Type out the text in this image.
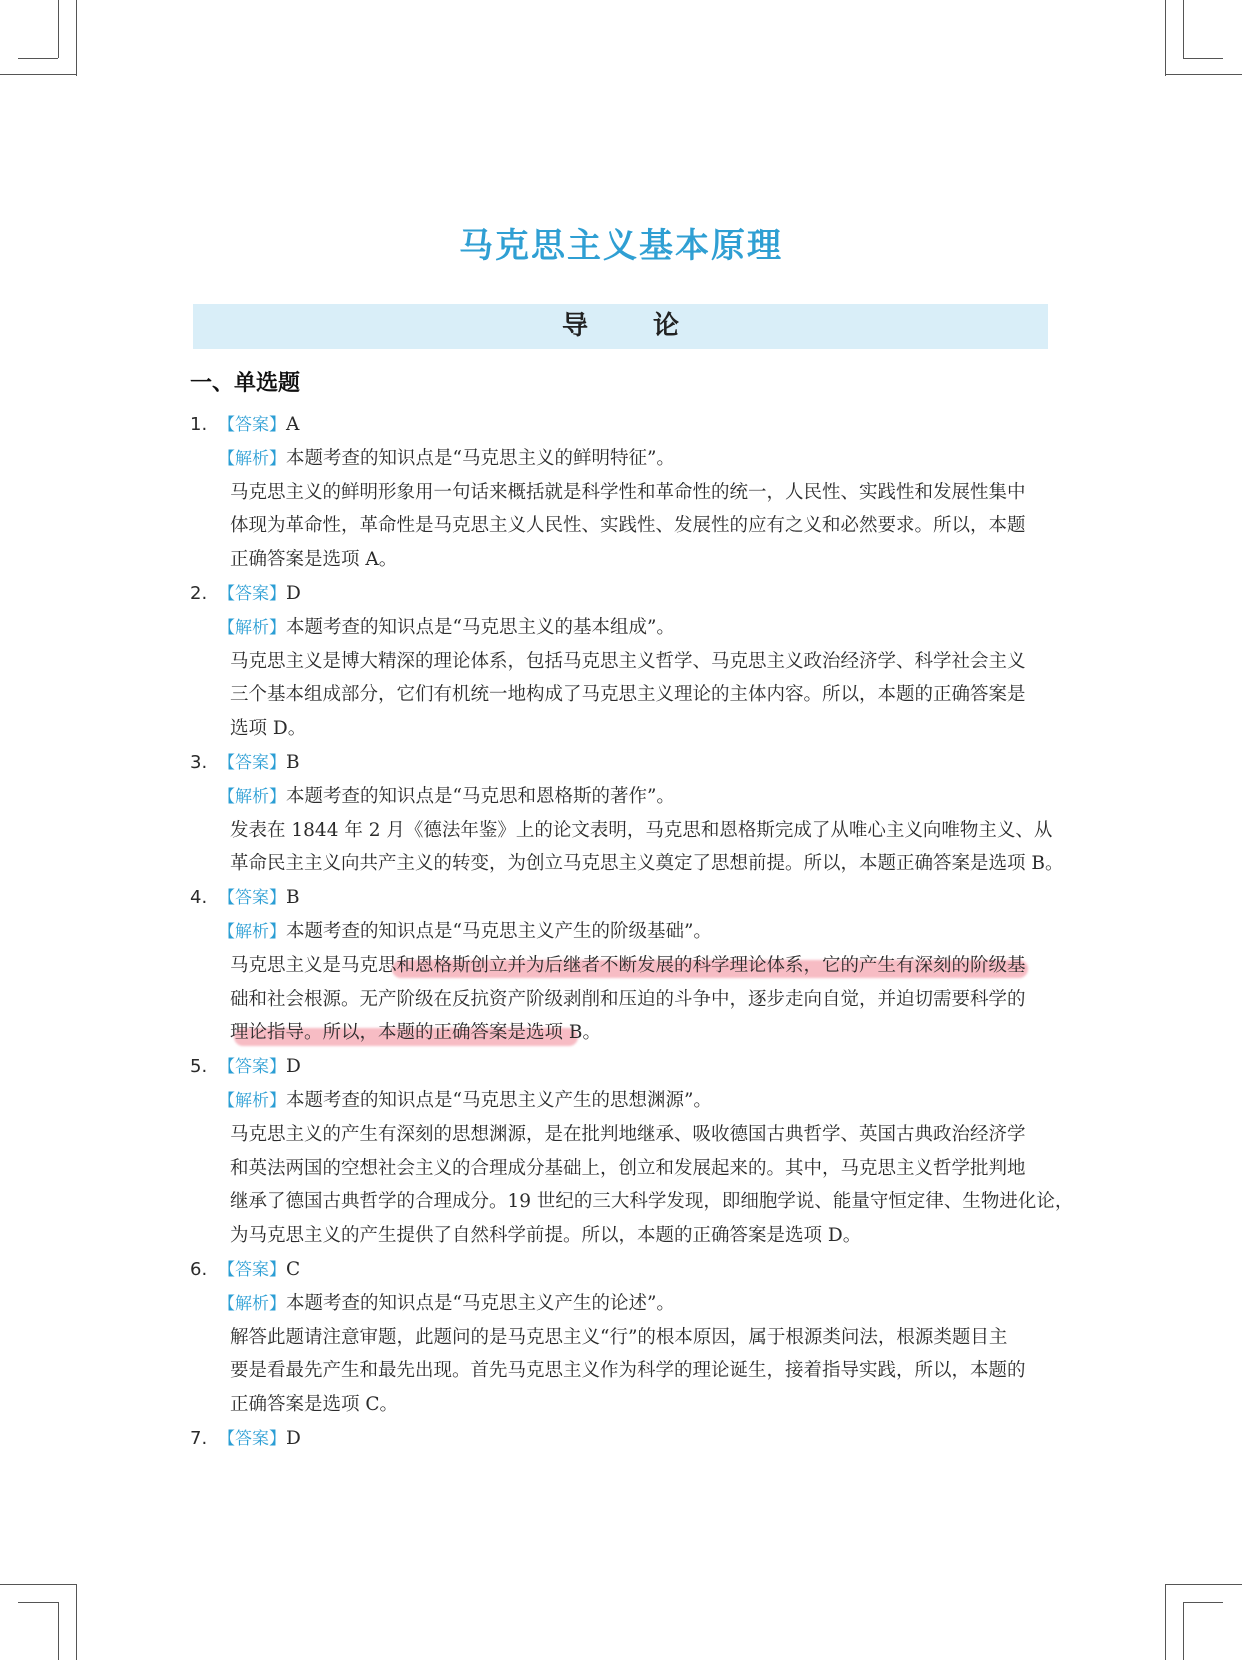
马克思主义基本原理
导 论
一、单选题
1. 【答案】A
【解析】本题考查的知识点是“马克思主义的鲜明特征”。
马克思主义的鲜明形象用一句话来概括就是科学性和革命性的统一，人民性、实践性和发展性集中
体现为革命性，革命性是马克思主义人民性、实践性、发展性的应有之义和必然要求。所以，本题
正确答案是选项 A。
2. 【答案】D
【解析】本题考查的知识点是“马克思主义的基本组成”。
马克思主义是博大精深的理论体系，包括马克思主义哲学、马克思主义政治经济学、科学社会主义
三个基本组成部分，它们有机统一地构成了马克思主义理论的主体内容。所以，本题的正确答案是
选项 D。
3. 【答案】B
【解析】本题考查的知识点是“马克思和恩格斯的著作”。
发表在 1844 年 2 月《德法年鉴》上的论文表明，马克思和恩格斯完成了从唯心主义向唯物主义、从
革命民主主义向共产主义的转变，为创立马克思主义奠定了思想前提。所以，本题正确答案是选项 B。
4. 【答案】B
【解析】本题考查的知识点是“马克思主义产生的阶级基础”。
马克思主义是马克思和恩格斯创立并为后继者不断发展的科学理论体系，它的产生有深刻的阶级基
础和社会根源。无产阶级在反抗资产阶级剥削和压迫的斗争中，逐步走向自觉，并迫切需要科学的
理论指导。所以，本题的正确答案是选项 B。
5. 【答案】D
【解析】本题考查的知识点是“马克思主义产生的思想渊源”。
马克思主义的产生有深刻的思想渊源，是在批判地继承、吸收德国古典哲学、英国古典政治经济学
和英法两国的空想社会主义的合理成分基础上，创立和发展起来的。其中，马克思主义哲学批判地
继承了德国古典哲学的合理成分。19 世纪的三大科学发现，即细胞学说、能量守恒定律、生物进化论，
为马克思主义的产生提供了自然科学前提。所以，本题的正确答案是选项 D。
6. 【答案】C
【解析】本题考查的知识点是“马克思主义产生的论述”。
解答此题请注意审题，此题问的是马克思主义“行”的根本原因，属于根源类问法，根源类题目主
要是看最先产生和最先出现。首先马克思主义作为科学的理论诞生，接着指导实践，所以，本题的
正确答案是选项 C。
7. 【答案】D
